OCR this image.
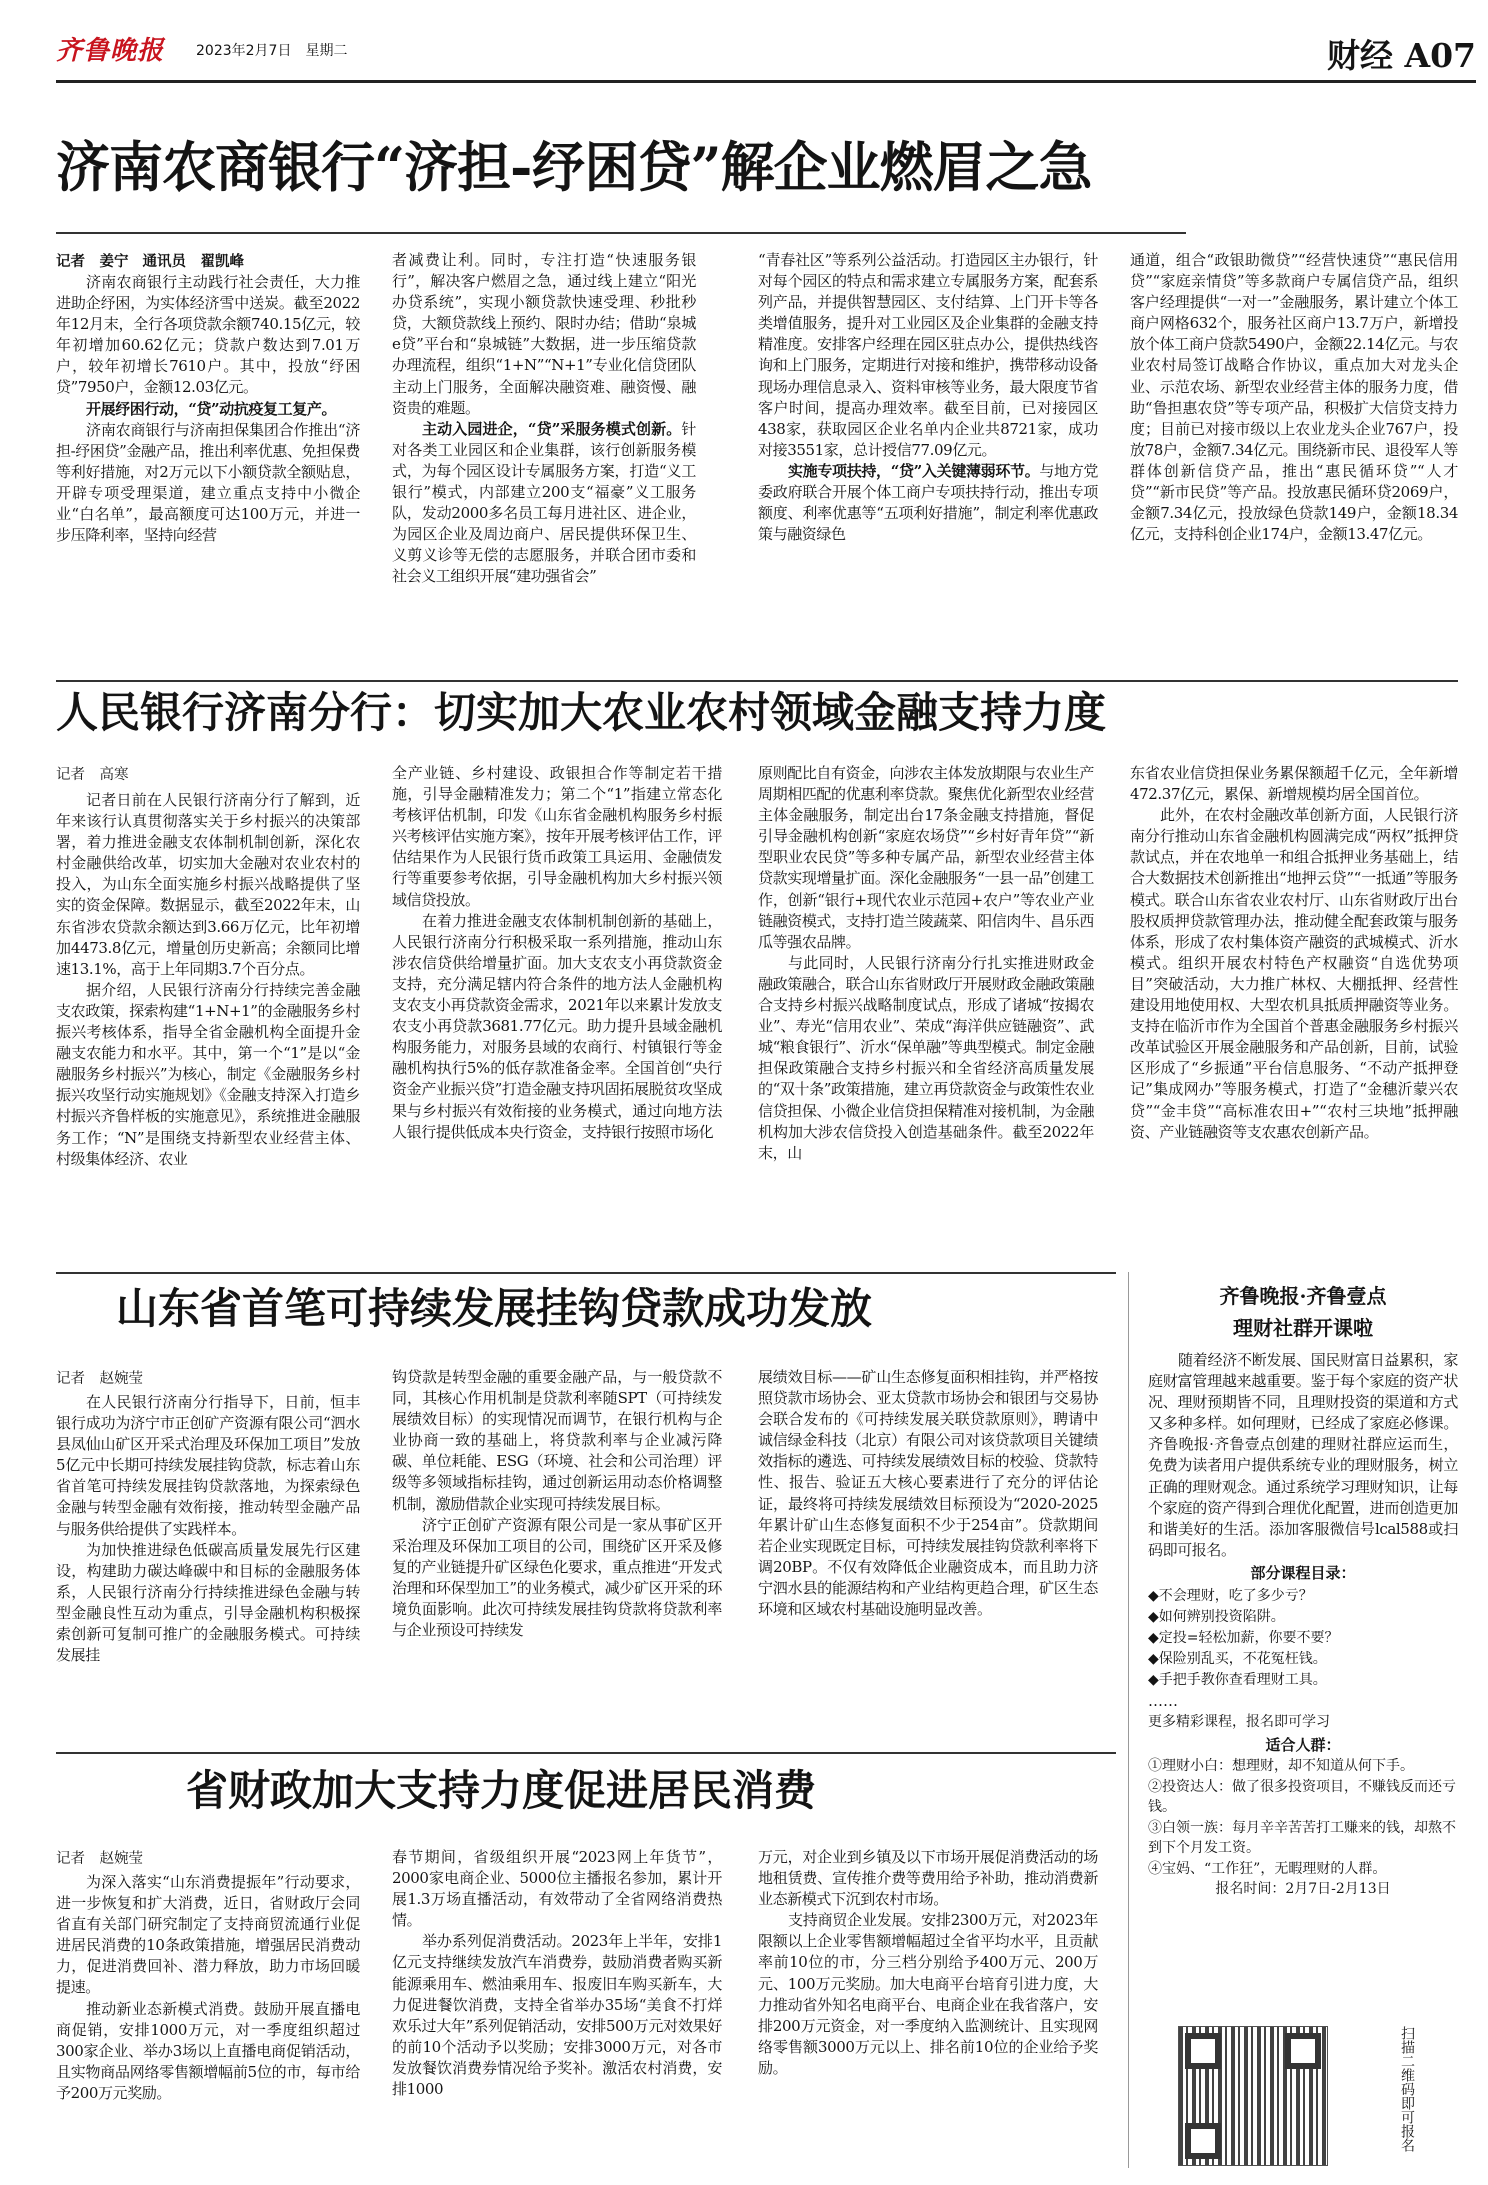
齐鲁晚报 2023年2月7日　星期二	财经 A07
济南农商银行“济担-纾困贷”解企业燃眉之急
记者　姜宁 通讯员　翟凯峰

济南农商银行主动践行社会责任，大力推进助企纾困，为实体经济雪中送炭。截至2022年12月末，全行各项贷款余额740.15亿元，较年初增加60.62亿元；贷款户数达到7.01万户，较年初增长7610户。其中，投放“纾困贷”7950户，金额12.03亿元。

开展纾困行动，“贷”动抗疫复工复产。

济南农商银行与济南担保集团合作推出“济担-纾困贷”金融产品，推出利率优惠、免担保费等利好措施，对2万元以下小额贷款全额贴息，开辟专项受理渠道，建立重点支持中小微企业“白名单”，最高额度可达100万元，并进一步压降利率，坚持向经营

者减费让利。同时，专注打造“快速服务银行”，解决客户燃眉之急，通过线上建立“阳光办贷系统”，实现小额贷款快速受理、秒批秒贷，大额贷款线上预约、限时办结；借助“泉城e贷”平台和“泉城链”大数据，进一步压缩贷款办理流程，组织“1+N”“N+1”专业化信贷团队主动上门服务，全面解决融资难、融资慢、融资贵的难题。

主动入园进企，“贷”采服务模式创新。针对各类工业园区和企业集群，该行创新服务模式，为每个园区设计专属服务方案，打造“义工银行”模式，内部建立200支“福豪”义工服务队，发动2000多名员工每月进社区、进企业，为园区企业及周边商户、居民提供环保卫生、义剪义诊等无偿的志愿服务，并联合团市委和社会义工组织开展“建功强省会”

“青春社区”等系列公益活动。打造园区主办银行，针对每个园区的特点和需求建立专属服务方案，配套系列产品，并提供智慧园区、支付结算、上门开卡等各类增值服务，提升对工业园区及企业集群的金融支持精准度。安排客户经理在园区驻点办公，提供热线咨询和上门服务，定期进行对接和维护，携带移动设备现场办理信息录入、资料审核等业务，最大限度节省客户时间，提高办理效率。截至目前，已对接园区438家，获取园区企业名单内企业共8721家，成功对接3551家，总计授信77.09亿元。

实施专项扶持，“贷”入关键薄弱环节。与地方党委政府联合开展个体工商户专项扶持行动，推出专项额度、利率优惠等“五项利好措施”，制定利率优惠政策与融资绿色

通道，组合“政银助微贷”“经营快速贷”“惠民信用贷”“家庭亲情贷”等多款商户专属信贷产品，组织客户经理提供“一对一”金融服务，累计建立个体工商户网格632个，服务社区商户13.7万户，新增投放个体工商户贷款5490户，金额22.14亿元。与农业农村局签订战略合作协议，重点加大对龙头企业、示范农场、新型农业经营主体的服务力度，借助“鲁担惠农贷”等专项产品，积极扩大信贷支持力度；目前已对接市级以上农业龙头企业767户，投放78户，金额7.34亿元。围绕新市民、退役军人等群体创新信贷产品，推出“惠民循环贷”“人才贷”“新市民贷”等产品。投放惠民循环贷2069户，金额7.34亿元，投放绿色贷款149户，金额18.34亿元，支持科创企业174户，金额13.47亿元。

人民银行济南分行：切实加大农业农村领域金融支持力度
记者　高寒

记者日前在人民银行济南分行了解到，近年来该行认真贯彻落实关于乡村振兴的决策部署，着力推进金融支农体制机制创新，深化农村金融供给改革，切实加大金融对农业农村的投入，为山东全面实施乡村振兴战略提供了坚实的资金保障。数据显示，截至2022年末，山东省涉农贷款余额达到3.66万亿元，比年初增加4473.8亿元，增量创历史新高；余额同比增速13.1%，高于上年同期3.7个百分点。

据介绍，人民银行济南分行持续完善金融支农政策，探索构建“1+N+1”的金融服务乡村振兴考核体系，指导全省金融机构全面提升金融支农能力和水平。其中，第一个“1”是以“金融服务乡村振兴”为核心，制定《金融服务乡村振兴攻坚行动实施规划》《金融支持深入打造乡村振兴齐鲁样板的实施意见》，系统推进金融服务工作；“N”是围绕支持新型农业经营主体、村级集体经济、农业

全产业链、乡村建设、政银担合作等制定若干措施，引导金融精准发力；第二个“1”指建立常态化考核评估机制，印发《山东省金融机构服务乡村振兴考核评估实施方案》，按年开展考核评估工作，评估结果作为人民银行货币政策工具运用、金融债发行等重要参考依据，引导金融机构加大乡村振兴领域信贷投放。

在着力推进金融支农体制机制创新的基础上，人民银行济南分行积极采取一系列措施，推动山东涉农信贷供给增量扩面。加大支农支小再贷款资金支持，充分满足辖内符合条件的地方法人金融机构支农支小再贷款资金需求，2021年以来累计发放支农支小再贷款3681.77亿元。助力提升县域金融机构服务能力，对服务县域的农商行、村镇银行等金融机构执行5%的低存款准备金率。全国首创“央行资金产业振兴贷”打造金融支持巩固拓展脱贫攻坚成果与乡村振兴有效衔接的业务模式，通过向地方法人银行提供低成本央行资金，支持银行按照市场化

原则配比自有资金，向涉农主体发放期限与农业生产周期相匹配的优惠利率贷款。聚焦优化新型农业经营主体金融服务，制定出台17条金融支持措施，督促引导金融机构创新“家庭农场贷”“乡村好青年贷”“新型职业农民贷”等多种专属产品，新型农业经营主体贷款实现增量扩面。深化金融服务“一县一品”创建工作，创新“银行+现代农业示范园+农户”等农业产业链融资模式，支持打造兰陵蔬菜、阳信肉牛、昌乐西瓜等强农品牌。

与此同时，人民银行济南分行扎实推进财政金融政策融合，联合山东省财政厅开展财政金融政策融合支持乡村振兴战略制度试点，形成了诸城“按揭农业”、寿光“信用农业”、荣成“海洋供应链融资”、武城“粮食银行”、沂水“保单融”等典型模式。制定金融担保政策融合支持乡村振兴和全省经济高质量发展的“双十条”政策措施，建立再贷款资金与政策性农业信贷担保、小微企业信贷担保精准对接机制，为金融机构加大涉农信贷投入创造基础条件。截至2022年末，山

东省农业信贷担保业务累保额超千亿元，全年新增472.37亿元，累保、新增规模均居全国首位。

此外，在农村金融改革创新方面，人民银行济南分行推动山东省金融机构圆满完成“两权”抵押贷款试点，并在农地单一和组合抵押业务基础上，结合大数据技术创新推出“地押云贷”“一抵通”等服务模式。联合山东省农业农村厅、山东省财政厅出台股权质押贷款管理办法，推动健全配套政策与服务体系，形成了农村集体资产融资的武城模式、沂水模式。组织开展农村特色产权融资“自选优势项目”突破活动，大力推广林权、大棚抵押、经营性建设用地使用权、大型农机具抵质押融资等业务。支持在临沂市作为全国首个普惠金融服务乡村振兴改革试验区开展金融服务和产品创新，目前，试验区形成了“乡振通”平台信息服务、“不动产抵押登记”集成网办”等服务模式，打造了“金穗沂蒙兴农贷”“金丰贷”“高标准农田+”“农村三块地”抵押融资、产业链融资等支农惠农创新产品。

山东省首笔可持续发展挂钩贷款成功发放
记者　赵婉莹

在人民银行济南分行指导下，日前，恒丰银行成功为济宁市正创矿产资源有限公司“泗水县凤仙山矿区开采式治理及环保加工项目”发放5亿元中长期可持续发展挂钩贷款，标志着山东省首笔可持续发展挂钩贷款落地，为探索绿色金融与转型金融有效衔接，推动转型金融产品与服务供给提供了实践样本。

为加快推进绿色低碳高质量发展先行区建设，构建助力碳达峰碳中和目标的金融服务体系，人民银行济南分行持续推进绿色金融与转型金融良性互动为重点，引导金融机构积极探索创新可复制可推广的金融服务模式。可持续发展挂

钩贷款是转型金融的重要金融产品，与一般贷款不同，其核心作用机制是贷款利率随SPT（可持续发展绩效目标）的实现情况而调节，在银行机构与企业协商一致的基础上，将贷款利率与企业减污降碳、单位耗能、ESG（环境、社会和公司治理）评级等多领域指标挂钩，通过创新运用动态价格调整机制，激励借款企业实现可持续发展目标。

济宁正创矿产资源有限公司是一家从事矿区开采治理及环保加工项目的公司，围绕矿区开采及修复的产业链提升矿区绿色化要求，重点推进“开发式治理和环保型加工”的业务模式，减少矿区开采的环境负面影响。此次可持续发展挂钩贷款将贷款利率与企业预设可持续发

展绩效目标——矿山生态修复面积相挂钩，并严格按照贷款市场协会、亚太贷款市场协会和银团与交易协会联合发布的《可持续发展关联贷款原则》，聘请中诚信绿金科技（北京）有限公司对该贷款项目关键绩效指标的遴选、可持续发展绩效目标的校验、贷款特性、报告、验证五大核心要素进行了充分的评估论证，最终将可持续发展绩效目标预设为“2020-2025年累计矿山生态修复面积不少于254亩”。贷款期间若企业实现既定目标，可持续发展挂钩贷款利率将下调20BP。不仅有效降低企业融资成本，而且助力济宁泗水县的能源结构和产业结构更趋合理，矿区生态环境和区域农村基础设施明显改善。

省财政加大支持力度促进居民消费
记者　赵婉莹

为深入落实“山东消费提振年”行动要求，进一步恢复和扩大消费，近日，省财政厅会同省直有关部门研究制定了支持商贸流通行业促进居民消费的10条政策措施，增强居民消费动力，促进消费回补、潜力释放，助力市场回暖提速。

推动新业态新模式消费。鼓励开展直播电商促销，安排1000万元，对一季度组织超过300家企业、举办3场以上直播电商促销活动，且实物商品网络零售额增幅前5位的市，每市给予200万元奖励。

春节期间，省级组织开展“2023网上年货节”，2000家电商企业、5000位主播报名参加，累计开展1.3万场直播活动，有效带动了全省网络消费热情。

举办系列促消费活动。2023年上半年，安排1亿元支持继续发放汽车消费券，鼓励消费者购买新能源乘用车、燃油乘用车、报废旧车购买新车，大力促进餐饮消费，支持全省举办35场“美食不打烊欢乐过大年”系列促销活动，安排500万元对效果好的前10个活动予以奖励；安排3000万元，对各市发放餐饮消费券情况给予奖补。激活农村消费，安排1000

万元，对企业到乡镇及以下市场开展促消费活动的场地租赁费、宣传推介费等费用给予补助，推动消费新业态新模式下沉到农村市场。

支持商贸企业发展。安排2300万元，对2023年限额以上企业零售额增幅超过全省平均水平，且贡献率前10位的市，分三档分别给予400万元、200万元、100万元奖励。加大电商平台培育引进力度，大力推动省外知名电商平台、电商企业在我省落户，安排200万元资金，对一季度纳入监测统计、且实现网络零售额3000万元以上、排名前10位的企业给予奖励。

齐鲁晚报·齐鲁壹点
理财社群开课啦

随着经济不断发展、国民财富日益累积，家庭财富管理越来越重要。鉴于每个家庭的资产状况、理财预期皆不同，且理财投资的渠道和方式又多种多样。如何理财，已经成了家庭必修课。齐鲁晚报·齐鲁壹点创建的理财社群应运而生，免费为读者用户提供系统专业的理财服务，树立正确的理财观念。通过系统学习理财知识，让每个家庭的资产得到合理优化配置，进而创造更加和谐美好的生活。添加客服微信号lcal588或扫码即可报名。

部分课程目录：
◆不会理财，吃了多少亏？
◆如何辨别投资陷阱。
◆定投=轻松加薪，你要不要？
◆保险别乱买，不花冤枉钱。
◆手把手教你查看理财工具。
……
更多精彩课程，报名即可学习
适合人群：
①理财小白：想理财，却不知道从何下手。
②投资达人：做了很多投资项目，不赚钱反而还亏钱。
③白领一族：每月辛辛苦苦打工赚来的钱，却熬不到下个月发工资。
④宝妈、“工作狂”，无暇理财的人群。
报名时间：2月7日-2月13日
扫描二维码即可报名
